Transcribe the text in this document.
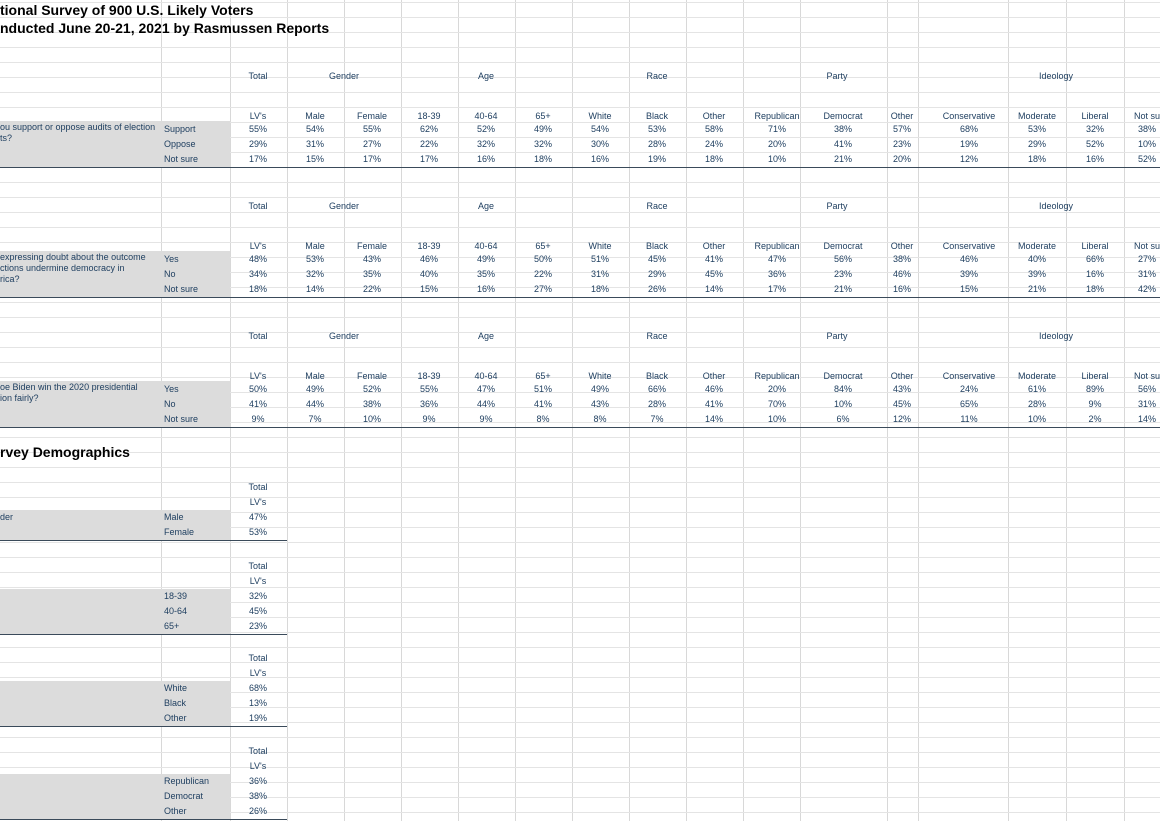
tional Survey of 900 U.S. Likely Voters
nducted June 20-21, 2021 by Rasmussen Reports
Total	Gender	Age	Race	Party	Ideology
LV's	Male	Female	18-39	40-64	65+	White	Black	Other	Republican	Democrat	Other	Conservative	Moderate	Liberal	Not su
ou support or oppose audits of election
ts?
Support	55%	54%	55%	62%	52%	49%	54%	53%	58%	71%	38%	57%	68%	53%	32%	38%
Oppose	29%	31%	27%	22%	32%	32%	30%	28%	24%	20%	41%	23%	19%	29%	52%	10%
Not sure	17%	15%	17%	17%	16%	18%	16%	19%	18%	10%	21%	20%	12%	18%	16%	52%
Total	Gender	Age	Race	Party	Ideology
LV's	Male	Female	18-39	40-64	65+	White	Black	Other	Republican	Democrat	Other	Conservative	Moderate	Liberal	Not su
expressing doubt about the outcome
ctions undermine democracy in
rica?
Yes	48%	53%	43%	46%	49%	50%	51%	45%	41%	47%	56%	38%	46%	40%	66%	27%
No	34%	32%	35%	40%	35%	22%	31%	29%	45%	36%	23%	46%	39%	39%	16%	31%
Not sure	18%	14%	22%	15%	16%	27%	18%	26%	14%	17%	21%	16%	15%	21%	18%	42%
Total	Gender	Age	Race	Party	Ideology
LV's	Male	Female	18-39	40-64	65+	White	Black	Other	Republican	Democrat	Other	Conservative	Moderate	Liberal	Not su
oe Biden win the 2020 presidential
ion fairly?
Yes	50%	49%	52%	55%	47%	51%	49%	66%	46%	20%	84%	43%	24%	61%	89%	56%
No	41%	44%	38%	36%	44%	41%	43%	28%	41%	70%	10%	45%	65%	28%	9%	31%
Not sure	9%	7%	10%	9%	9%	8%	8%	7%	14%	10%	6%	12%	11%	10%	2%	14%
rvey Demographics
Total
LV's
der	Male	47%
Female	53%
Total
LV's
18-39	32%
40-64	45%
65+	23%
Total
LV's
White	68%
Black	13%
Other	19%
Total
LV's
Republican	36%
Democrat	38%
Other	26%
